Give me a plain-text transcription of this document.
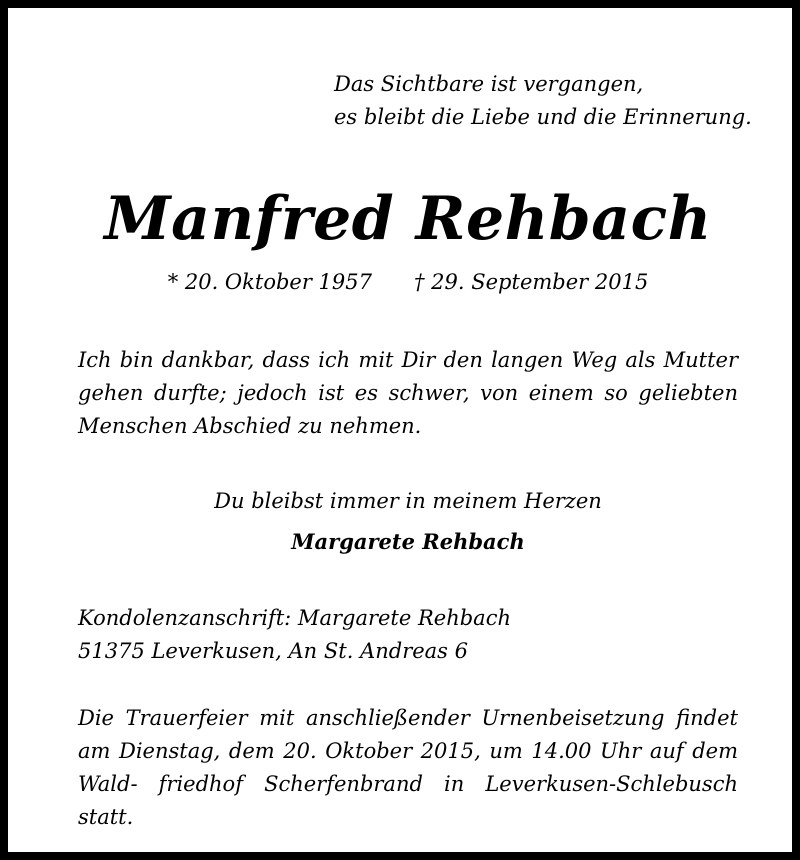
Das Sichtbare ist vergangen,
es bleibt die Liebe und die Erinnerung.
Manfred Rehbach
* 20. Oktober 1957 † 29. September 2015
Ich bin dankbar, dass ich mit Dir den langen Weg als Mutter gehen durfte; jedoch ist es schwer, von einem so geliebten Menschen Abschied zu nehmen.
Du bleibst immer in meinem Herzen
Margarete Rehbach
Kondolenzanschrift: Margarete Rehbach
51375 Leverkusen, An St. Andreas 6
Die Trauerfeier mit anschließender Urnenbeisetzung findet am Dienstag, dem 20. Oktober 2015, um 14.00 Uhr auf dem Wald- friedhof Scherfenbrand in Leverkusen-Schlebusch statt.
